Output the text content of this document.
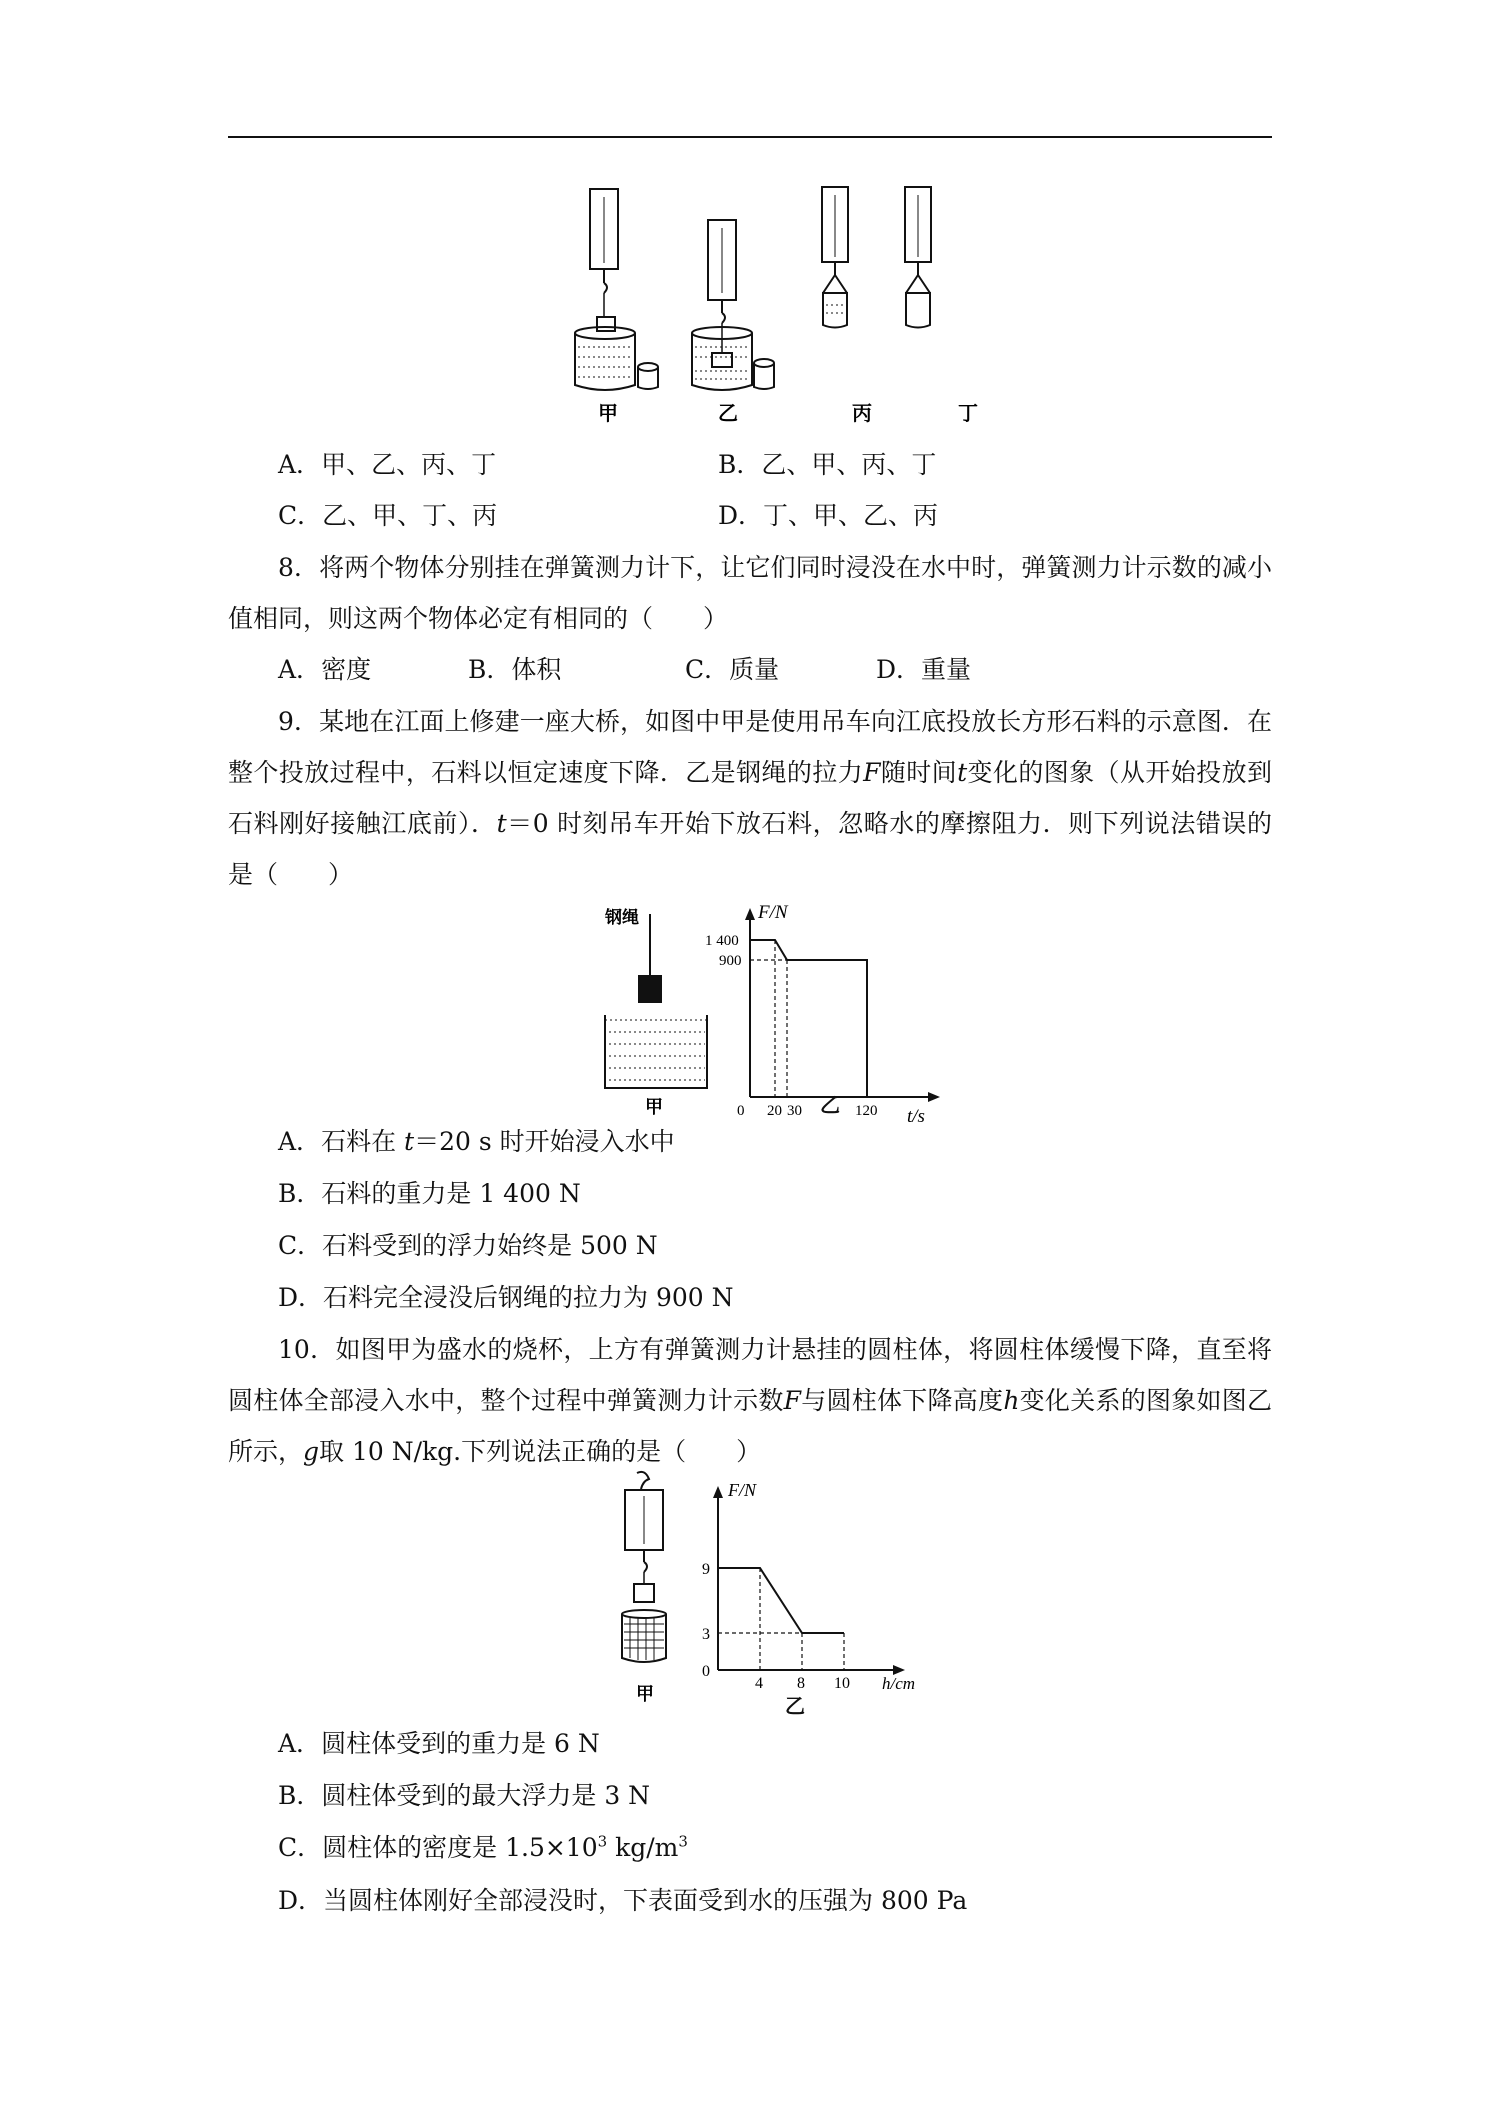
甲	乙	丙	丁
A．甲、乙、丙、丁	B．乙、甲、丙、丁
C．乙、甲、丁、丙	D．丁、甲、乙、丙
8．将两个物体分别挂在弹簧测力计下，让它们同时浸没在水中时，弹簧测力计示数的减小值相同，则这两个物体必定有相同的（　　）
A．密度	B．体积	C．质量	D．重量
9．某地在江面上修建一座大桥，如图中甲是使用吊车向江底投放长方形石料的示意图．在整个投放过程中，石料以恒定速度下降．乙是钢绳的拉力F随时间t变化的图象（从开始投放到石料刚好接触江底前）．t＝0 时刻吊车开始下放石料，忽略水的摩擦阻力．则下列说法错误的是（　　）
钢绳
甲
F/N
1 400
900
0 20 30	120 t/s
乙
A．石料在 t＝20 s 时开始浸入水中
B．石料的重力是 1 400 N
C．石料受到的浮力始终是 500 N
D．石料完全浸没后钢绳的拉力为 900 N
10．如图甲为盛水的烧杯，上方有弹簧测力计悬挂的圆柱体，将圆柱体缓慢下降，直至将圆柱体全部浸入水中，整个过程中弹簧测力计示数F与圆柱体下降高度h变化关系的图象如图乙所示，g取 10 N/kg.下列说法正确的是（　　）
甲
F/N
9
3
0
4 8 10 h/cm
乙
A．圆柱体受到的重力是 6 N
B．圆柱体受到的最大浮力是 3 N
C．圆柱体的密度是 $1.5\times 10^3$ $kg/m^3$
D．当圆柱体刚好全部浸没时，下表面受到水的压强为 800 Pa
